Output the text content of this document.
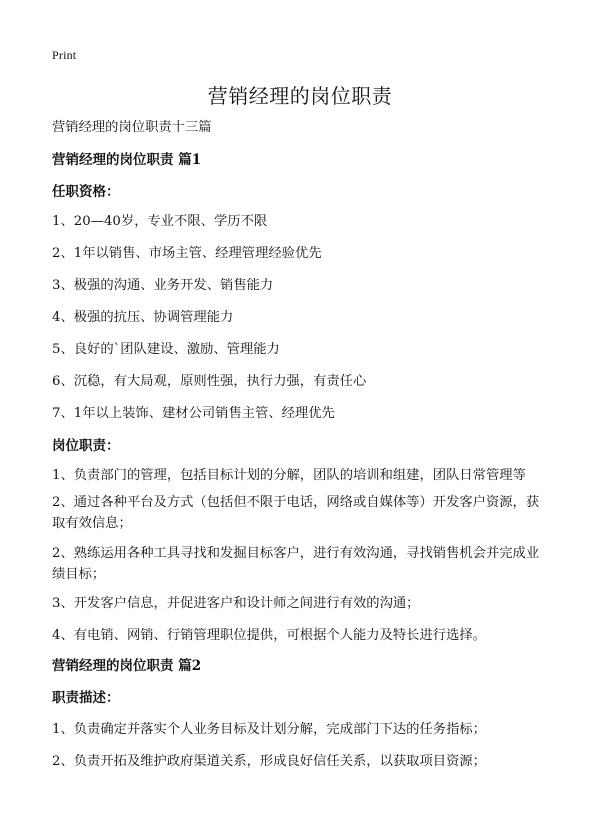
Print
营销经理的岗位职责
营销经理的岗位职责十三篇
营销经理的岗位职责 篇1
任职资格：
1、20—40岁，专业不限、学历不限
2、1年以销售、市场主管、经理管理经验优先
3、极强的沟通、业务开发、销售能力
4、极强的抗压、协调管理能力
5、良好的`团队建设、激励、管理能力
6、沉稳，有大局观，原则性强，执行力强，有责任心
7、1年以上装饰、建材公司销售主管、经理优先
岗位职责：
1、负责部门的管理，包括目标计划的分解，团队的培训和组建，团队日常管理等
2、通过各种平台及方式（包括但不限于电话，网络或自媒体等）开发客户资源，获取有效信息；
2、熟练运用各种工具寻找和发掘目标客户，进行有效沟通，寻找销售机会并完成业绩目标；
3、开发客户信息，并促进客户和设计师之间进行有效的沟通；
4、有电销、网销、行销管理职位提供，可根据个人能力及特长进行选择。
营销经理的岗位职责 篇2
职责描述：
1、负责确定并落实个人业务目标及计划分解，完成部门下达的任务指标；
2、负责开拓及维护政府渠道关系，形成良好信任关系，以获取项目资源；
